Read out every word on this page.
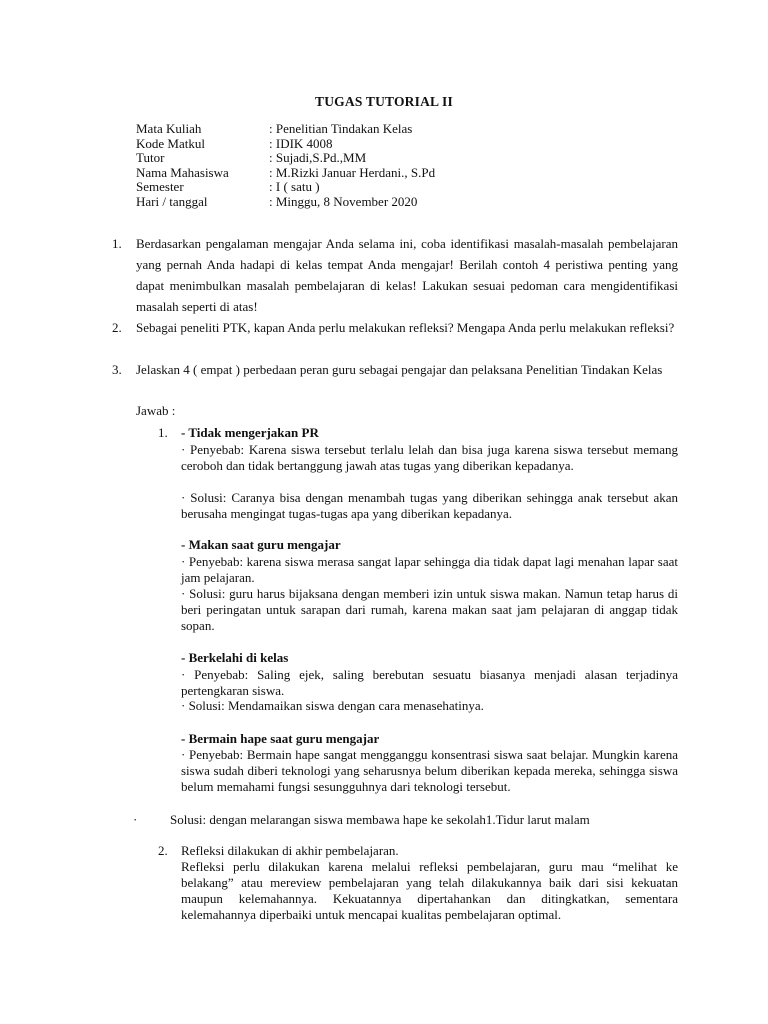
TUGAS TUTORIAL II
Mata Kuliah	: Penelitian Tindakan Kelas
Kode Matkul	: IDIK 4008
Tutor	: Sujadi,S.Pd.,MM
Nama Mahasiswa	: M.Rizki Januar Herdani., S.Pd
Semester	: I ( satu )
Hari / tanggal	: Minggu, 8 November 2020
1. Berdasarkan pengalaman mengajar Anda selama ini, coba identifikasi masalah-masalah pembelajaran yang pernah Anda hadapi di kelas tempat Anda mengajar! Berilah contoh 4 peristiwa penting yang dapat menimbulkan masalah pembelajaran di kelas! Lakukan sesuai pedoman cara mengidentifikasi masalah seperti di atas!
2. Sebagai peneliti PTK, kapan Anda perlu melakukan refleksi? Mengapa Anda perlu melakukan refleksi?
3. Jelaskan 4 ( empat ) perbedaan peran guru sebagai pengajar dan pelaksana Penelitian Tindakan Kelas
Jawab :
1. - Tidak mengerjakan PR
· Penyebab: Karena siswa tersebut terlalu lelah dan bisa juga karena siswa tersebut memang ceroboh dan tidak bertanggung jawah atas tugas yang diberikan kepadanya.
· Solusi: Caranya bisa dengan menambah tugas yang diberikan sehingga anak tersebut akan berusaha mengingat tugas-tugas apa yang diberikan kepadanya.
- Makan saat guru mengajar
· Penyebab: karena siswa merasa sangat lapar sehingga dia tidak dapat lagi menahan lapar saat jam pelajaran.
· Solusi: guru harus bijaksana dengan memberi izin untuk siswa makan. Namun tetap harus di beri peringatan untuk sarapan dari rumah, karena makan saat jam pelajaran di anggap tidak sopan.
- Berkelahi di kelas
· Penyebab: Saling ejek, saling berebutan sesuatu biasanya menjadi alasan terjadinya pertengkaran siswa.
· Solusi: Mendamaikan siswa dengan cara menasehatinya.
- Bermain hape saat guru mengajar
· Penyebab: Bermain hape sangat mengganggu konsentrasi siswa saat belajar. Mungkin karena siswa sudah diberi teknologi yang seharusnya belum diberikan kepada mereka, sehingga siswa belum memahami fungsi sesungguhnya dari teknologi tersebut.
·	Solusi: dengan melarangan siswa membawa hape ke sekolah1.Tidur larut malam
2. Refleksi dilakukan di akhir pembelajaran.
Refleksi perlu dilakukan karena melalui refleksi pembelajaran, guru mau “melihat ke belakang” atau mereview pembelajaran yang telah dilakukannya baik dari sisi kekuatan maupun kelemahannya. Kekuatannya dipertahankan dan ditingkatkan, sementara kelemahannya diperbaiki untuk mencapai kualitas pembelajaran optimal.
